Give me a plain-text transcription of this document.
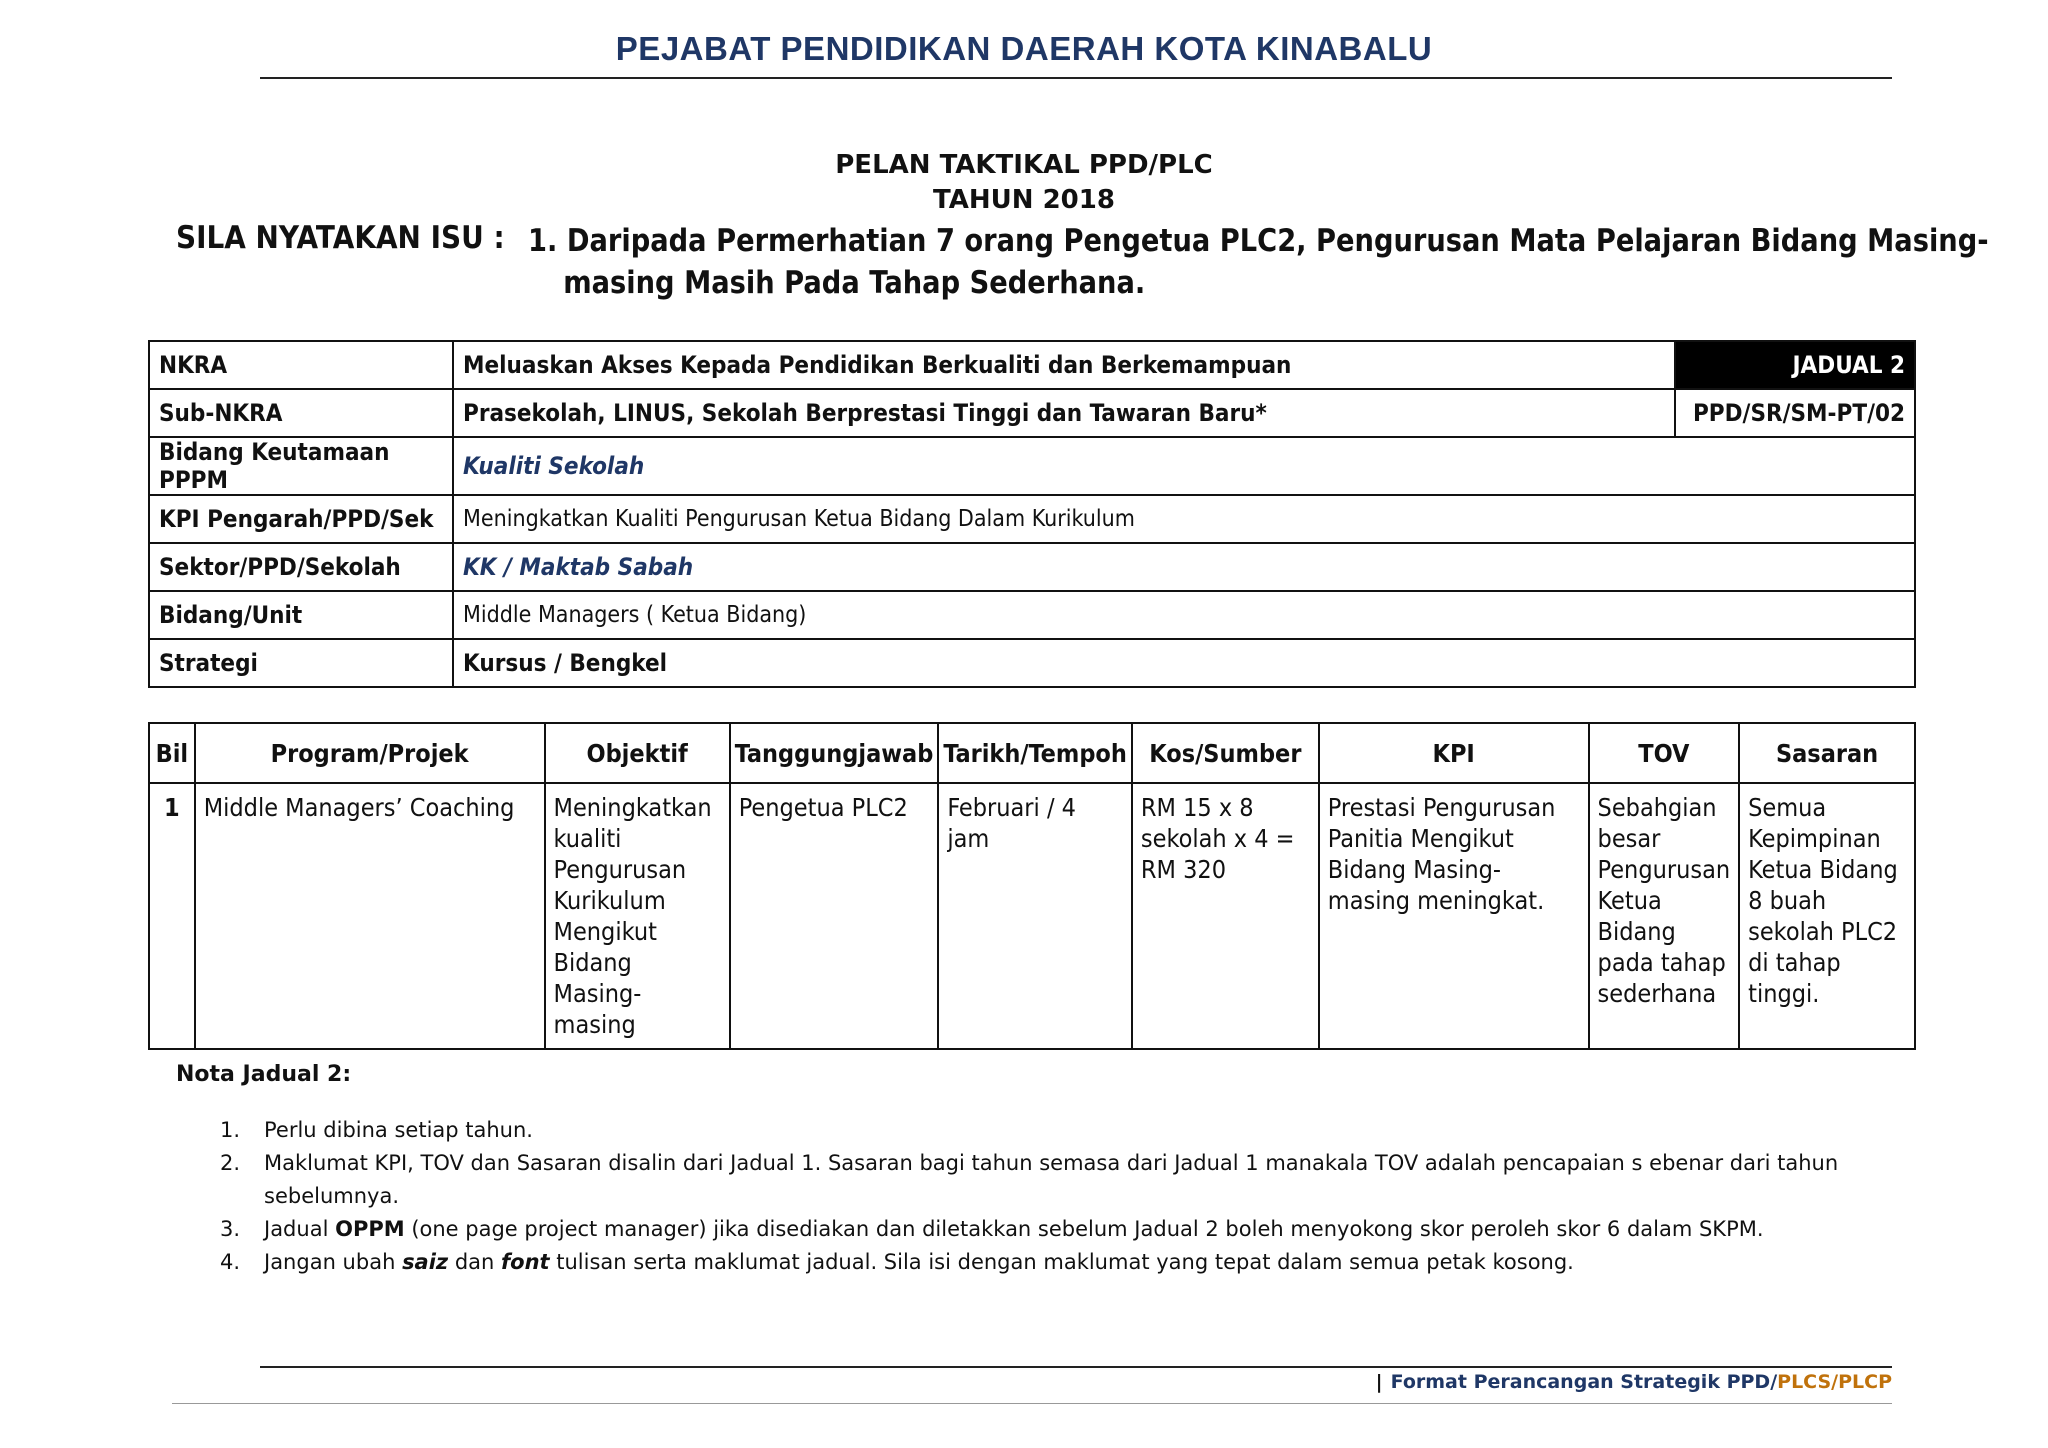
PEJABAT PENDIDIKAN DAERAH KOTA KINABALU
PELAN TAKTIKAL PPD/PLC
TAHUN 2018
SILA NYATAKAN ISU : 1. Daripada Permerhatian 7 orang Pengetua PLC2, Pengurusan Mata Pelajaran Bidang Masing-
masing Masih Pada Tahap Sederhana.
NKRA	Meluaskan Akses Kepada Pendidikan Berkualiti dan Berkemampuan	JADUAL 2
Sub-NKRA	Prasekolah, LINUS, Sekolah Berprestasi Tinggi dan Tawaran Baru*	PPD/SR/SM-PT/02
Bidang Keutamaan PPPM	Kualiti Sekolah	
KPI Pengarah/PPD/Sek	Meningkatkan Kualiti Pengurusan Ketua Bidang Dalam Kurikulum	
Sektor/PPD/Sekolah	KK / Maktab Sabah	
Bidang/Unit	Middle Managers ( Ketua Bidang)	
Strategi	Kursus / Bengkel	
Bil	Program/Projek	Objektif	Tanggungjawab	Tarikh/Tempoh	Kos/Sumber	KPI	TOV	Sasaran
1	Middle Managers’ Coaching	Meningkatkan kualiti Pengurusan Kurikulum Mengikut Bidang Masing-masing	Pengetua PLC2	Februari / 4 jam	RM 15 x 8 sekolah x 4 = RM 320	Prestasi Pengurusan Panitia Mengikut Bidang Masing-masing meningkat.	Sebahgian besar Pengurusan Ketua Bidang pada tahap sederhana	Semua Kepimpinan Ketua Bidang 8 buah sekolah PLC2 di tahap tinggi.
Nota Jadual 2:
1. Perlu dibina setiap tahun.
2. Maklumat KPI, TOV dan Sasaran disalin dari Jadual 1. Sasaran bagi tahun semasa dari Jadual 1 manakala TOV adalah pencapaian s ebenar dari tahun sebelumnya.
3. Jadual OPPM (one page project manager) jika disediakan dan diletakkan sebelum Jadual 2 boleh menyokong skor peroleh skor 6 dalam SKPM.
4. Jangan ubah saiz dan font tulisan serta maklumat jadual. Sila isi dengan maklumat yang tepat dalam semua petak kosong.
| Format Perancangan Strategik PPD/PLCS/PLCP
